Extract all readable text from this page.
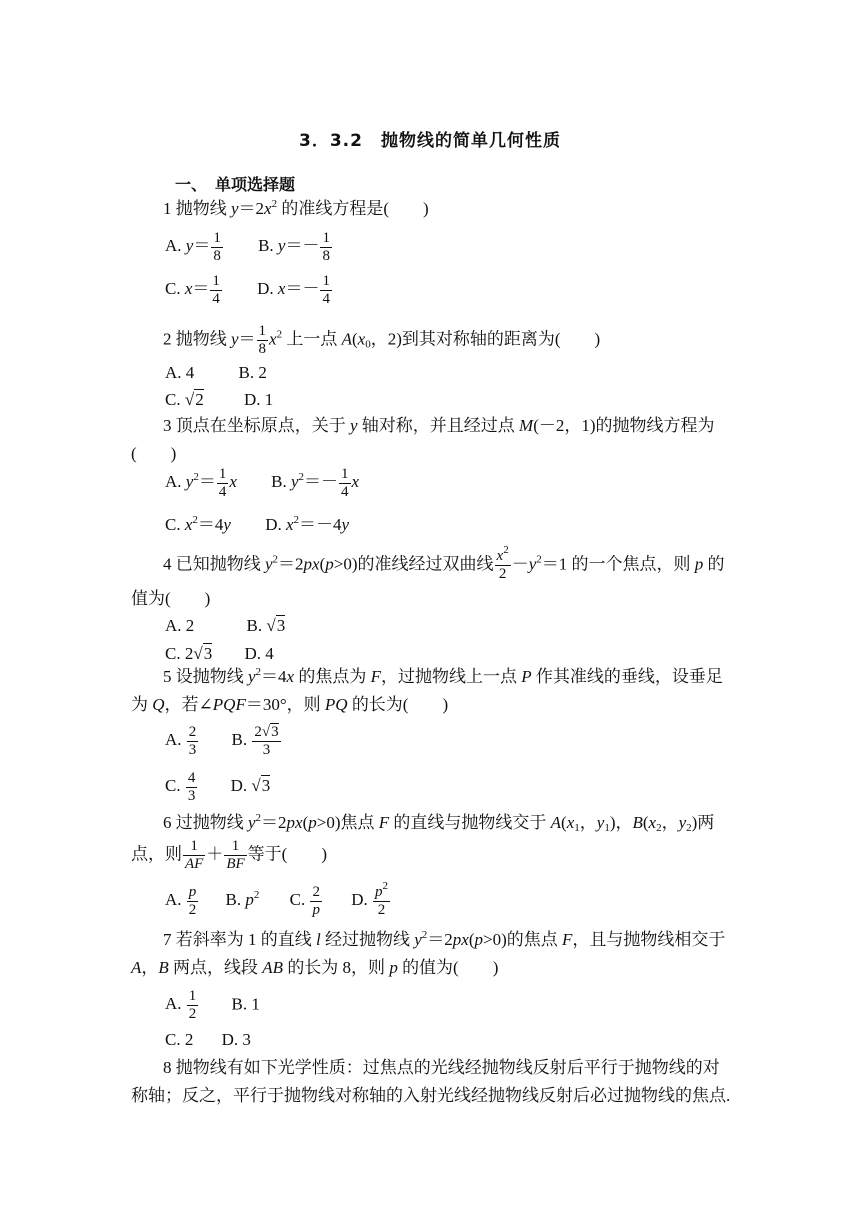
3．3.2　抛物线的简单几何性质
一、　单项选择题
1 抛物线 $y=2x^2$ 的准线方程是(　　)
A. $y= \frac{1}{8} B$. $y=- \frac{1}{8}$
C. $x= \frac{1}{4} D$. $x=- \frac{1}{4}$
2 抛物线 $y= \frac{1}{8} x^2$ 上一点 $A(x_0$，2)到其对称轴的距离为(　　)
A. 4	B. 2
C. √2 D. 1
3 顶点在坐标原点，关于 y 轴对称，并且经过点 M(－2，1)的抛物线方程为
(　　)
A. $y^2= \frac{1}{4}$ x B. $y^2=- \frac{1}{4}$ x
C. $x^2=4y$ D. $x^2=-4y$
4 已知抛物线 $y^2=2px(p>0)$的准线经过双曲线 $\frac{x^2}{2} -y^2=1$ 的一个焦点，则 p 的
值为(　　)
A. 2	B. √3
C. 2√3 D. 4
5 设抛物线 $y^2=4x$ 的焦点为 F，过抛物线上一点 P 作其准线的垂线，设垂足
为 Q，若∠PQF＝30°，则 PQ 的长为(　　)
A. $\frac{2}{3} B$. $\frac{2√3}{3}$
C. $\frac{4}{3} D$. √3
6 过抛物线 $y^2=2px(p>0)$焦点 F 的直线与抛物线交于 $A(x_1$，$y_1$)，$B(x_2$，$y_2$)两
点，则 $\frac{1}{AF} + \frac{1}{BF}$ 等于(　　)
A. $\frac{p}{2} B$. $p^2$ C. $\frac{2}{p} D$. $\frac{p^2}{2}$
7 若斜率为 1 的直线 l 经过抛物线 $y^2=2px(p>0)$的焦点 F，且与抛物线相交于
A，B 两点，线段 AB 的长为 8，则 p 的值为(　　)
A. $\frac{1}{2} B$. 1
C. 2 D. 3
8 抛物线有如下光学性质：过焦点的光线经抛物线反射后平行于抛物线的对
称轴；反之，平行于抛物线对称轴的入射光线经抛物线反射后必过抛物线的焦点.
